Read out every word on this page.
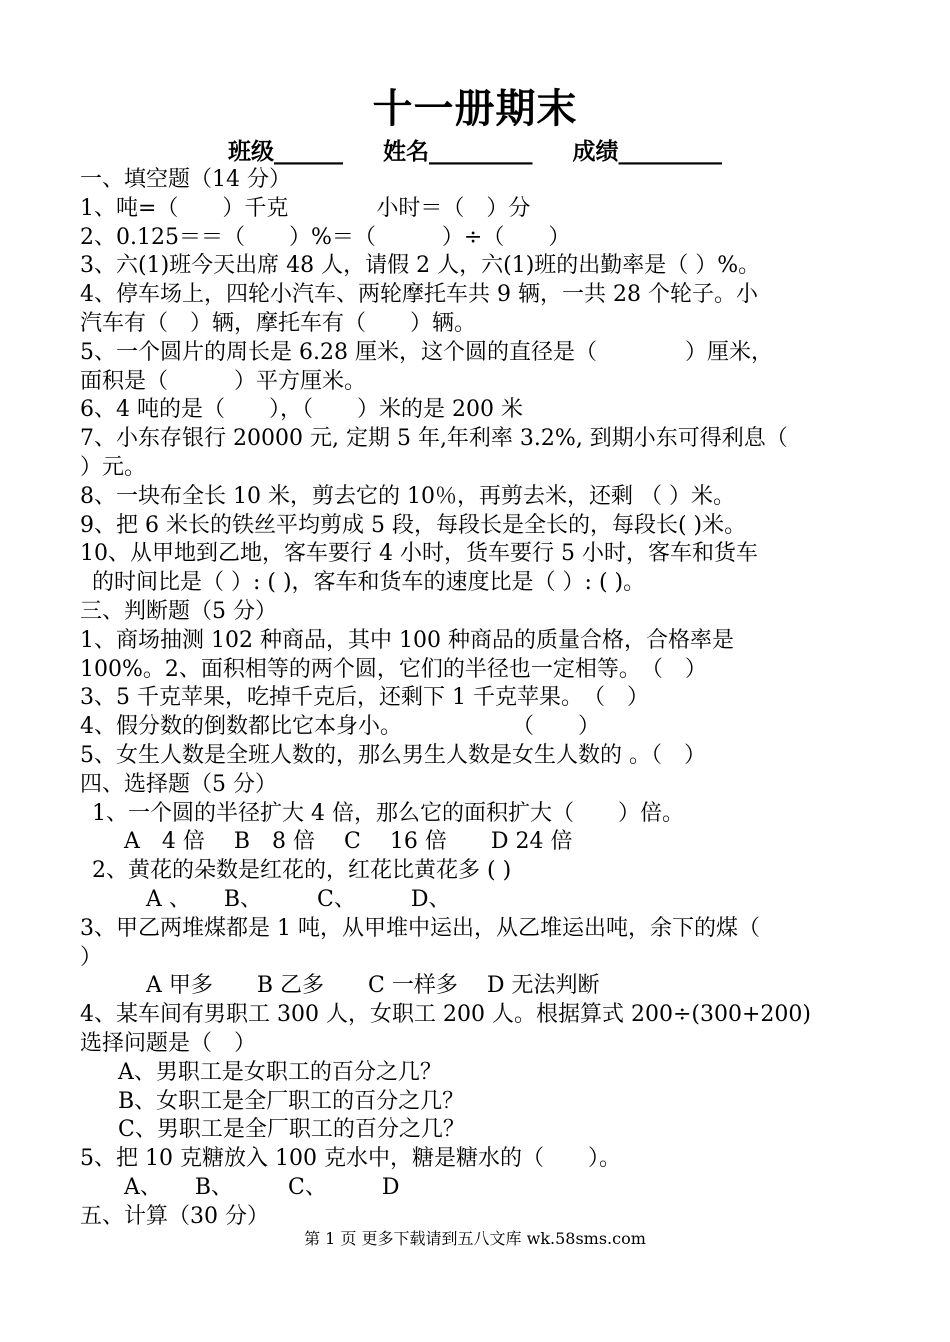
十一册期末
班级______ 姓名_________ 成绩_________
一、填空题（14 分）
1、吨=（　　）千克　　　　小时＝（　）分
2、0.125＝＝（　　）%＝（　　　）÷（　　）
3、六(1)班今天出席 48 人，请假 2 人，六(1)班的出勤率是（ ）%。
4、停车场上，四轮小汽车、两轮摩托车共 9 辆，一共 28 个轮子。小
汽车有（　）辆，摩托车有（　　）辆。
5、一个圆片的周长是 6.28 厘米，这个圆的直径是（　　　　）厘米，
面积是（　　　）平方厘米。
6、4 吨的是（　　），（　　）米的是 200 米
7、小东存银行 20000 元, 定期 5 年,年利率 3.2%, 到期小东可得利息（
）元。
8、一块布全长 10 米，剪去它的 10％，再剪去米，还剩 （ ）米。
9、把 6 米长的铁丝平均剪成 5 段，每段长是全长的，每段长( )米。
10、从甲地到乙地，客车要行 4 小时，货车要行 5 小时，客车和货车
的时间比是（ ）: ( )，客车和货车的速度比是（ ）: ( )。
三、判断题（5 分）
1、商场抽测 102 种商品，其中 100 种商品的质量合格，合格率是
100%。2、面积相等的两个圆，它们的半径也一定相等。　（　）
3、5 千克苹果，吃掉千克后，还剩下 1 千克苹果。　（　）
4、假分数的倒数都比它本身小。　　　　　　（　　）
5、女生人数是全班人数的，那么男生人数是女生人数的 。（　）
四、选择题（5 分）
1、一个圆的半径扩大 4 倍，那么它的面积扩大（　　）倍。
A　4 倍　 B　8 倍　 C　 16 倍　　D 24 倍
2、黄花的朵数是红花的，红花比黄花多 ( )
A 、　　B、　　　C、　　　D、
3、甲乙两堆煤都是 1 吨，从甲堆中运出，从乙堆运出吨，余下的煤（
）
A 甲多　　B 乙多　　C 一样多　 D 无法判断
4、某车间有男职工 300 人，女职工 200 人。根据算式 200÷(300+200)
选择问题是（　）
A、男职工是女职工的百分之几？
B、女职工是全厂职工的百分之几？
C、男职工是全厂职工的百分之几？
5、把 10 克糖放入 100 克水中，糖是糖水的（　　）。
A、　　B、　　　C、　　　D
五、计算（30 分）
第 1 页 更多下载请到五八文库 wk.58sms.com
